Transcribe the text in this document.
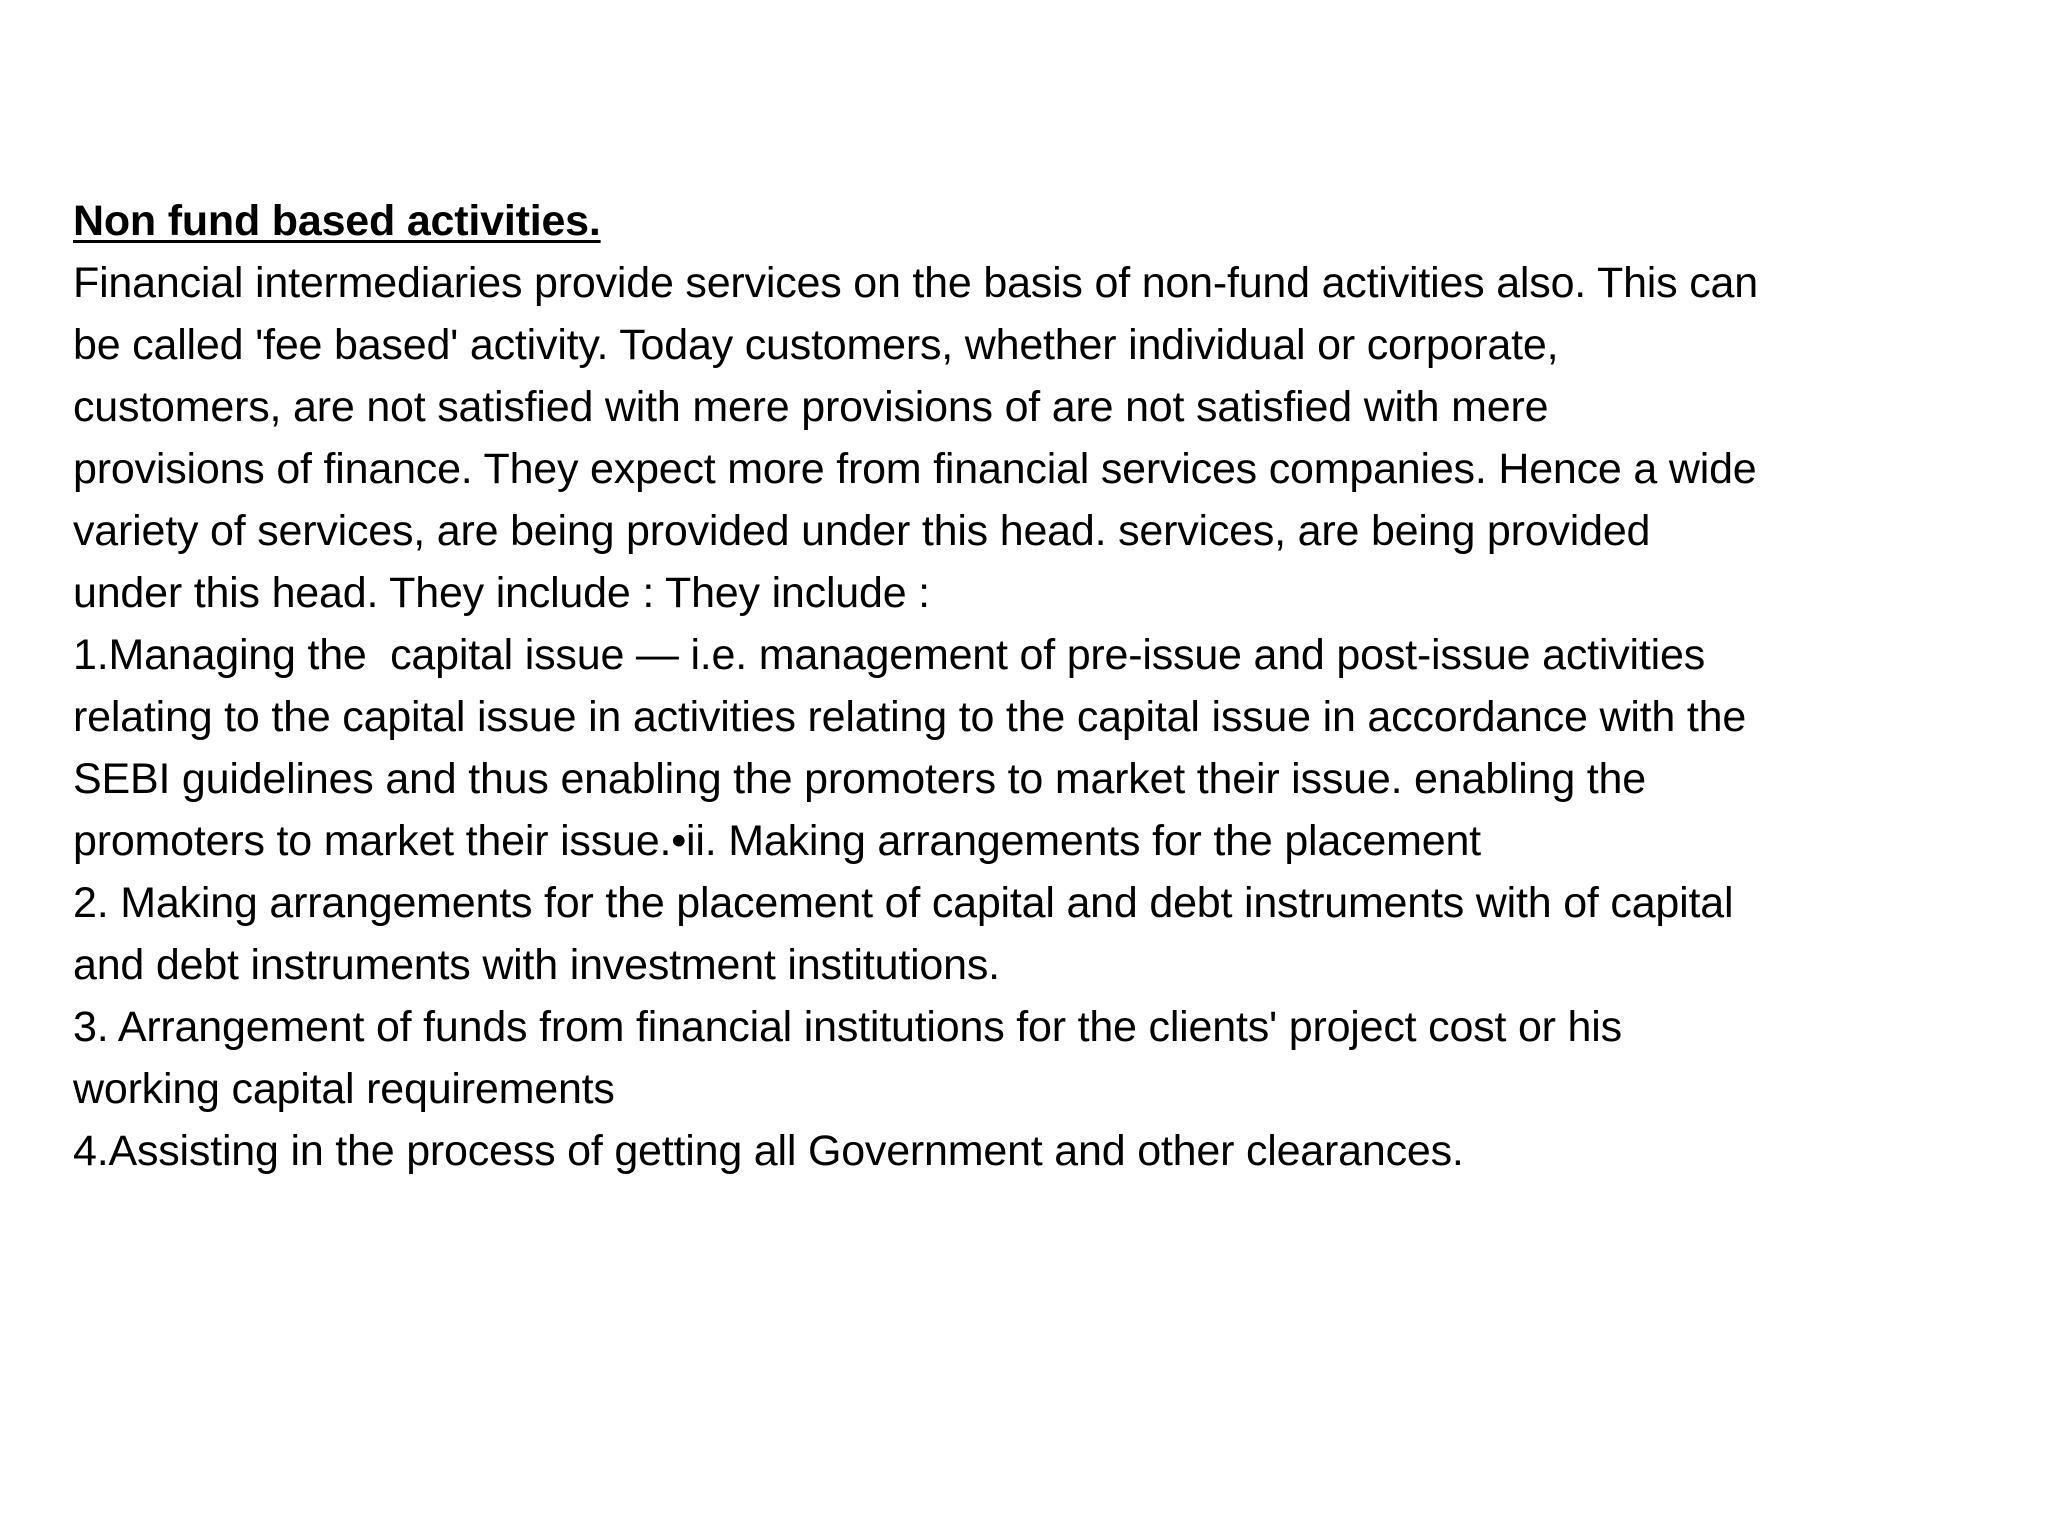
Non fund based activities.
Financial intermediaries provide services on the basis of non-fund activities also. This can
be called 'fee based' activity. Today customers, whether individual or corporate,
customers, are not satisfied with mere provisions of are not satisfied with mere
provisions of finance. They expect more from financial services companies. Hence a wide
variety of services, are being provided under this head. services, are being provided
under this head. They include : They include :
1.Managing the  capital issue — i.e. management of pre-issue and post-issue activities
relating to the capital issue in activities relating to the capital issue in accordance with the
SEBI guidelines and thus enabling the promoters to market their issue. enabling the
promoters to market their issue.•ii. Making arrangements for the placement
2. Making arrangements for the placement of capital and debt instruments with of capital
and debt instruments with investment institutions.
3. Arrangement of funds from financial institutions for the clients' project cost or his
working capital requirements
4.Assisting in the process of getting all Government and other clearances.
